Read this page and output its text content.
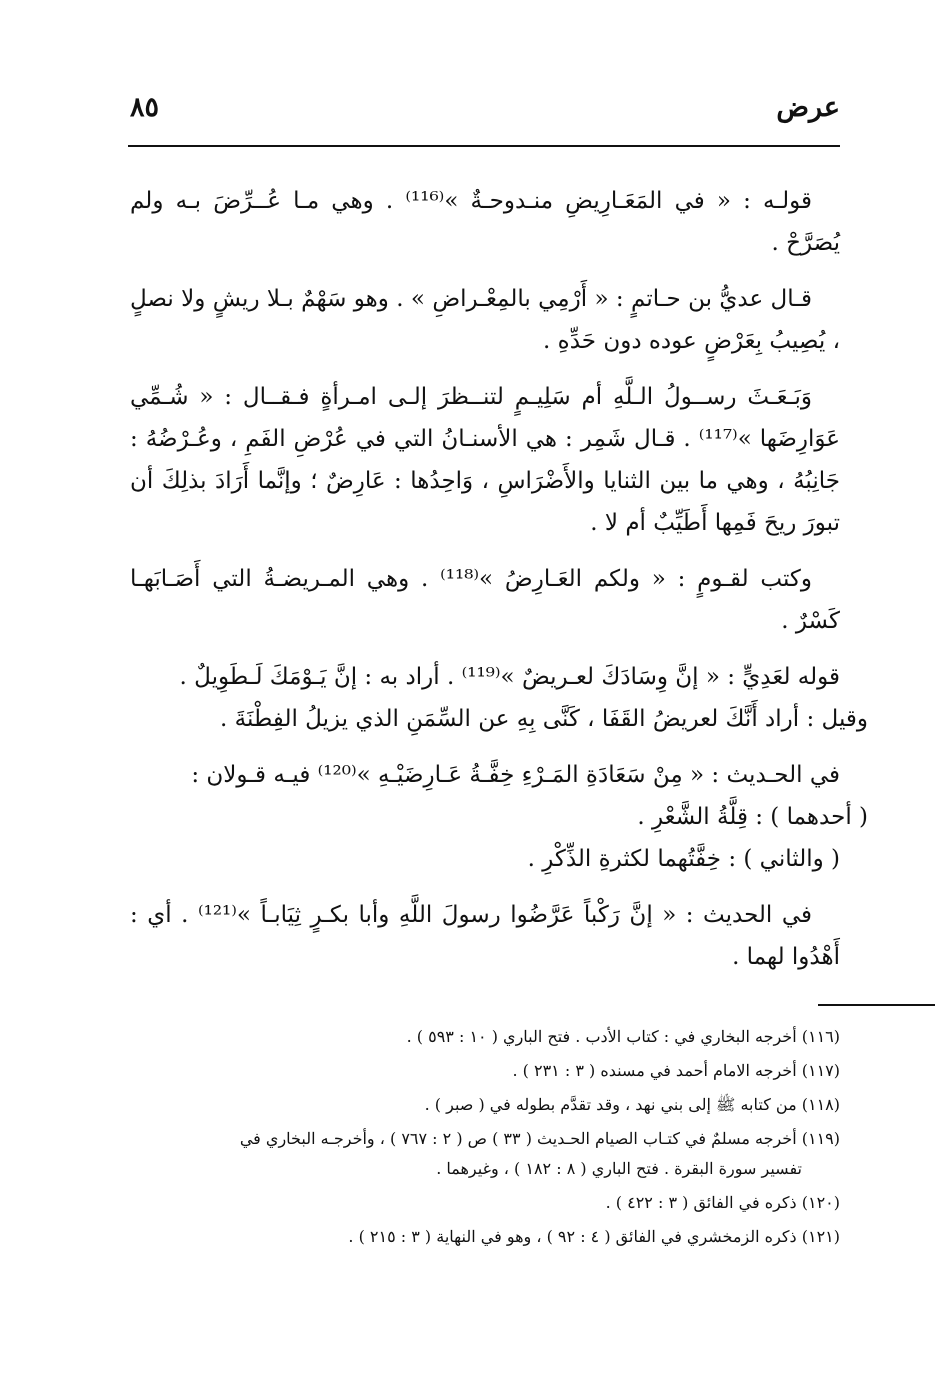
عرض
٨٥

قولـه : « في المَعَـارِيضِ منـدوحـةٌ »⁽¹¹⁶⁾ . وهي مـا عُــرِّضَ بـه ولم يُصَرَّحْ .

قـال عديُّ بن حـاتمٍ : « أَرْمِي بالمِعْـراضِ » . وهو سَهْمٌ بـلا ريشٍ ولا نصلٍ ، يُصِيبُ بِعَرْضٍ عوده دون حَدِّهِ .

وَبَـعَـثَ رســولُ الـلَّهِ أم سَلِيـمٍ لتنــظرَ إلـى امـرأةٍ فـقــال : « شُـمِّي عَوَارِضَها »⁽¹¹⁷⁾ . قـال شَمِر : هي الأسنـانُ التي في عُرْضِ الفَمِ ، وعُـرْضُهُ : جَانِبُهُ ، وهي ما بين الثنايا والأَضْرَاسِ ، وَاحِدُها : عَارِضٌ ؛ وإنَّما أَرَادَ بذلِكَ أن تبورَ ريحَ فَمِها أَطَيِّبٌ أم لا .

وكتب لقـومٍ : « ولكم العَـارِضُ »⁽¹¹⁸⁾ . وهي المـريضـةُ التي أَصَـابَهـا كَسْرٌ .

قوله لعَدِيٍّ : « إنَّ وِسَادَكَ لعـريضٌ »⁽¹¹⁹⁾ . أراد به : إنَّ يَـوْمَكَ لَـطَوِيلٌ .

وقيل : أراد أَنَّكَ لعريضُ القَفَا ، كَنَّى بِهِ عن السِّمَنِ الذي يزيلُ الفِطْنَةَ .

في الحـديث : « مِنْ سَعَادَةِ المَـرْءِ خِفَّـةُ عَـارِضَيْـهِ »⁽¹²⁰⁾ فيـه قـولان :

( أحدهما ) : قِلَّةُ الشَّعْرِ .

( والثاني ) : خِفَّتُهما لكثرةِ الذِّكْرِ .

في الحديث : « إنَّ رَكْباً عَرَّضُوا رسولَ اللَّهِ وأبا بكـرٍ ثِيَابـاً »⁽¹²¹⁾ . أي : أَهْدُوا لهما .

(١١٦) أخرجه البخاري في : كتاب الأدب . فتح الباري ( ١٠ : ٥٩٣ ) .

(١١٧) أخرجه الامام أحمد في مسنده ( ٣ : ٢٣١ ) .

(١١٨) من كتابه ﷺ إلى بني نهد ، وقد تقدَّم بطوله في ( صبر ) .

(١١٩) أخرجه مسلمٌ في كتـاب الصيام الحـديث ( ٣٣ ) ص ( ٢ : ٧٦٧ ) ، وأخرجـه البخاري في

تفسير سورة البقرة . فتح الباري ( ٨ : ١٨٢ ) ، وغيرهما .

(١٢٠) ذكره في الفائق ( ٣ : ٤٢٢ ) .

(١٢١) ذكره الزمخشري في الفائق ( ٤ : ٩٢ ) ، وهو في النهاية ( ٣ : ٢١٥ ) .
